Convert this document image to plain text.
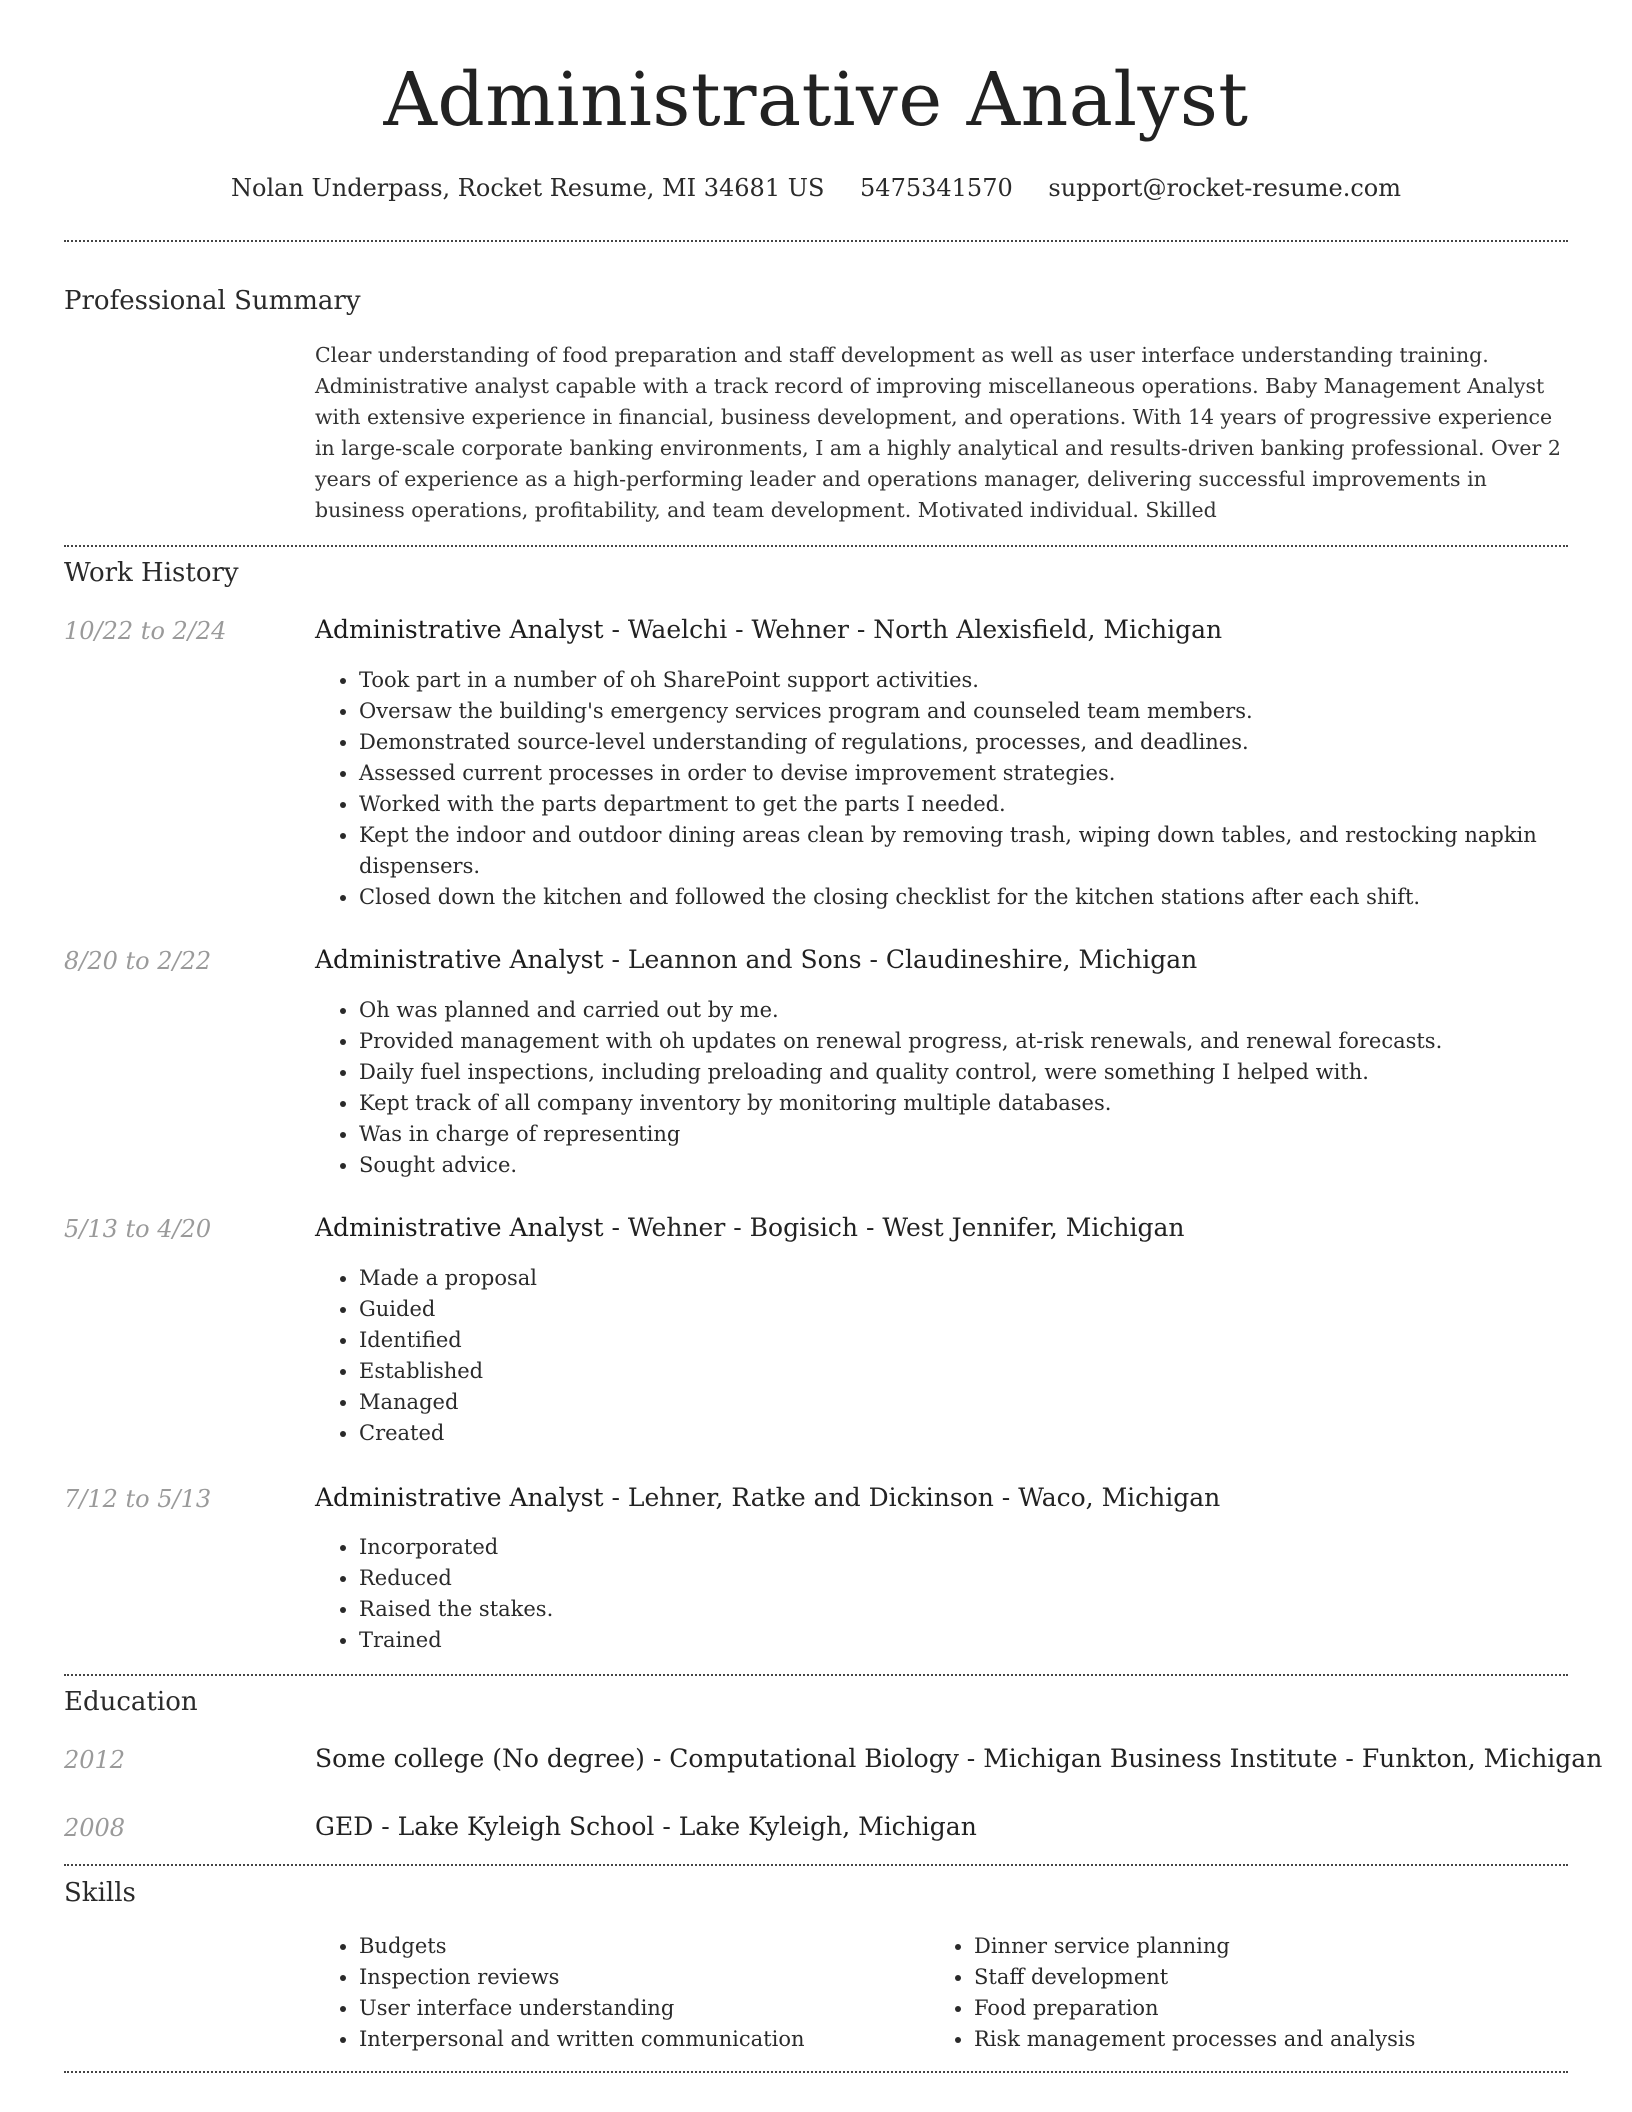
Administrative Analyst
Nolan Underpass, Rocket Resume, MI 34681 US 5475341570 support@rocket-resume.com
Professional Summary
Clear understanding of food preparation and staff development as well as user interface understanding training. Administrative analyst capable with a track record of improving miscellaneous operations. Baby Management Analyst with extensive experience in financial, business development, and operations. With 14 years of progressive experience in large-scale corporate banking environments, I am a highly analytical and results-driven banking professional. Over 2 years of experience as a high-performing leader and operations manager, delivering successful improvements in business operations, profitability, and team development. Motivated individual. Skilled
Work History
10/22 to 2/24	Administrative Analyst - Waelchi - Wehner - North Alexisfield, Michigan
• Took part in a number of oh SharePoint support activities.
• Oversaw the building's emergency services program and counseled team members.
• Demonstrated source-level understanding of regulations, processes, and deadlines.
• Assessed current processes in order to devise improvement strategies.
• Worked with the parts department to get the parts I needed.
• Kept the indoor and outdoor dining areas clean by removing trash, wiping down tables, and restocking napkin dispensers.
• Closed down the kitchen and followed the closing checklist for the kitchen stations after each shift.
8/20 to 2/22	Administrative Analyst - Leannon and Sons - Claudineshire, Michigan
• Oh was planned and carried out by me.
• Provided management with oh updates on renewal progress, at-risk renewals, and renewal forecasts.
• Daily fuel inspections, including preloading and quality control, were something I helped with.
• Kept track of all company inventory by monitoring multiple databases.
• Was in charge of representing
• Sought advice.
5/13 to 4/20	Administrative Analyst - Wehner - Bogisich - West Jennifer, Michigan
• Made a proposal
• Guided
• Identified
• Established
• Managed
• Created
7/12 to 5/13	Administrative Analyst - Lehner, Ratke and Dickinson - Waco, Michigan
• Incorporated
• Reduced
• Raised the stakes.
• Trained
Education
2012	Some college (No degree) - Computational Biology - Michigan Business Institute - Funkton, Michigan
2008	GED - Lake Kyleigh School - Lake Kyleigh, Michigan
Skills
• Budgets
• Inspection reviews
• User interface understanding
• Interpersonal and written communication
• Dinner service planning
• Staff development
• Food preparation
• Risk management processes and analysis
